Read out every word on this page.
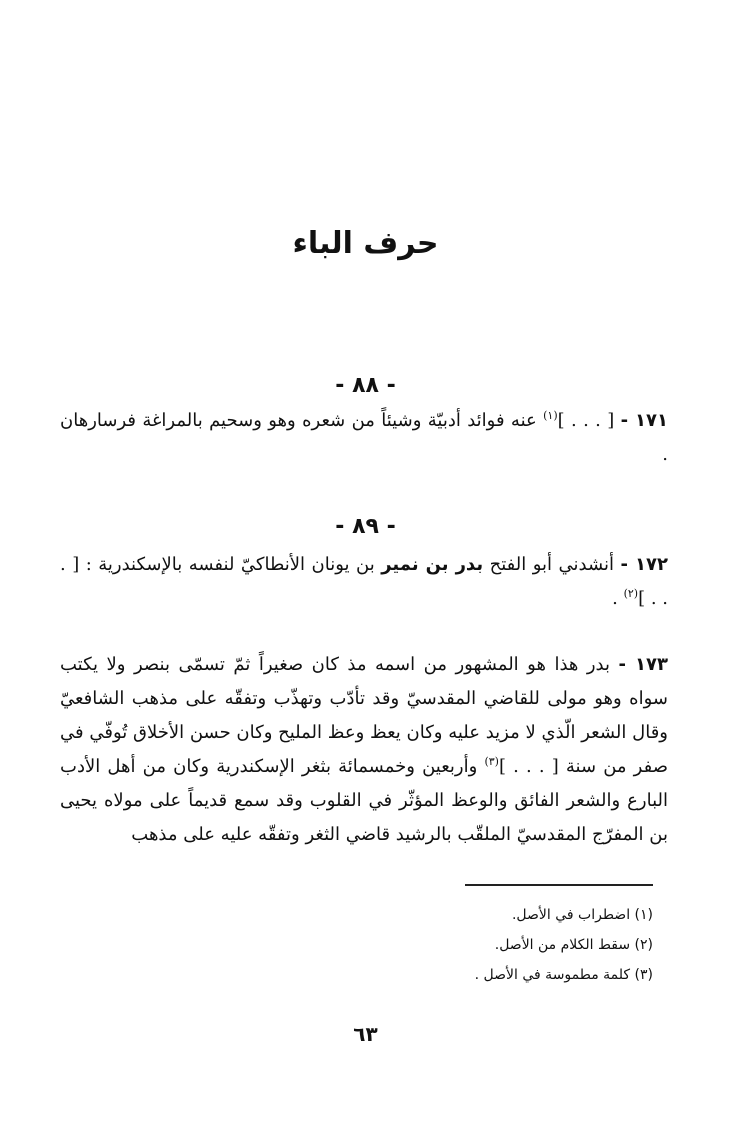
حرف الباء
- ٨٨ -

١٧١ - [ . . . ]$^{(١)}$ عنه فوائد أدبيّة وشيئاً من شعره وهو وسحيم بالمراغة فرسارهان .

- ٨٩ -

١٧٢ - أنشدني أبو الفتح بدر بن نمير بن يونان الأنطاكيّ لنفسه بالإسكندرية : [ . . . ]$^{(٢)}$ .

١٧٣ - بدر هذا هو المشهور من اسمه مذ كان صغيراً ثمّ تسمّى بنصر ولا يكتب سواه وهو مولى للقاضي المقدسيّ وقد تأدّب وتهذّب وتفقّه على مذهب الشافعيّ وقال الشعر الّذي لا مزيد عليه وكان يعظ وعظ المليح وكان حسن الأخلاق تُوفّي في صفر من سنة [ . . . ]$^{(٣)}$ وأربعين وخمسمائة بثغر الإسكندرية وكان من أهل الأدب البارع والشعر الفائق والوعظ المؤثّر في القلوب وقد سمع قديماً على مولاه يحيى بن المفرّج المقدسيّ الملقّب بالرشيد قاضي الثغر وتفقّه عليه على مذهب

(١) اضطراب في الأصل.
(٢) سقط الكلام من الأصل.
(٣) كلمة مطموسة في الأصل .
٦٣
